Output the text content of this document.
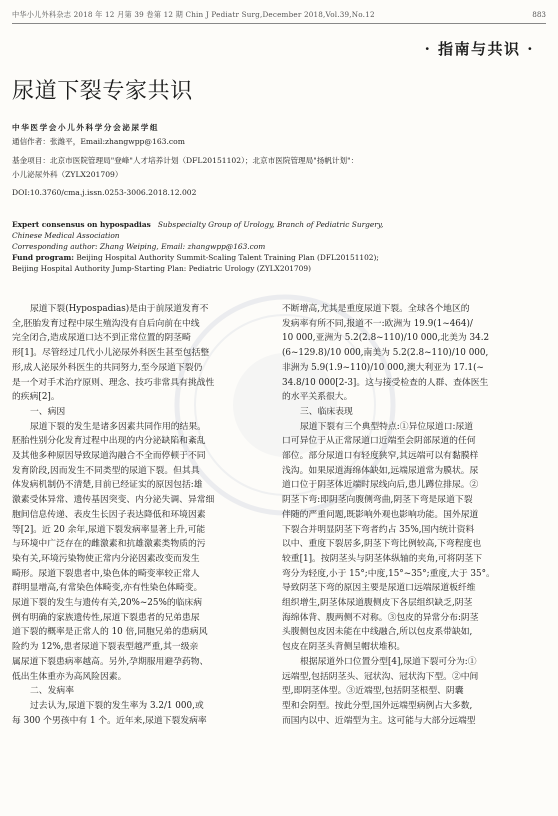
中华小儿外科杂志 2018 年 12 月第 39 卷第 12 期 Chin J Pediatr Surg,December 2018,Vol.39,No.12	883
· 指南与共识 ·
尿道下裂专家共识
中华医学会小儿外科学分会泌尿学组
通信作者：张潍平，Email:zhangwpp@163.com
基金项目：北京市医院管理局"登峰"人才培养计划（DFL20151102）；北京市医院管理局"扬帆计划"：
小儿泌尿外科（ZYLX201709）
DOI:10.3760/cma.j.issn.0253-3006.2018.12.002
Expert consensus on hypospadias Subspecialty Group of Urology, Branch of Pediatric Surgery,
Chinese Medical Association
Corresponding author: Zhang Weiping, Email: zhangwpp@163.com
Fund program: Beijing Hospital Authority Summit-Scaling Talent Training Plan (DFL20151102);
Beijing Hospital Authority Jump-Starting Plan: Pediatric Urology (ZYLX201709)
尿道下裂(Hypospadias)是由于前尿道发育不
全,胚胎发育过程中尿生殖沟没有自后向前在中线
完全闭合,造成尿道口达不到正常位置的阴茎畸
形[1]。尽管经过几代小儿泌尿外科医生甚至包括整
形,成人泌尿外科医生的共同努力,至今尿道下裂仍
是一个对手术治疗原则、理念、技巧非常具有挑战性
的疾病[2]。
一、病因
尿道下裂的发生是诸多因素共同作用的结果。
胚胎性别分化发育过程中出现的内分泌缺陷和紊乱
及其他多种原因导致尿道沟融合不全而停顿于不同
发育阶段,因而发生不同类型的尿道下裂。但其具
体发病机制仍不清楚,目前已经证实的原因包括:雄
激素受体异常、遗传基因突变、内分泌失调、异常细
胞间信息传递、表皮生长因子表达降低和环境因素
等[2]。近 20 余年,尿道下裂发病率显著上升,可能
与环境中广泛存在的雌激素和抗雄激素类物质的污
染有关,环境污染物使正常内分泌因素改变而发生
畸形。尿道下裂患者中,染色体的畸变率较正常人
群明显增高,有常染色体畸变,亦有性染色体畸变。
尿道下裂的发生与遗传有关,20%~25%的临床病
例有明确的家族遗传性,尿道下裂患者的兄弟患尿
道下裂的概率是正常人的 10 倍,同胞兄弟的患病风
险约为 12%,患者尿道下裂表型越严重,其一级亲
属尿道下裂患病率越高。另外,孕期服用避孕药物、
低出生体重亦为高风险因素。
二、发病率
过去认为,尿道下裂的发生率为 3.2/1 000,或
每 300 个男孩中有 1 个。近年来,尿道下裂发病率
不断增高,尤其是重度尿道下裂。全球各个地区的
发病率有所不同,报道不一:欧洲为 19.9(1~464)/
10 000,亚洲为 5.2(2.8~110)/10 000,北美为 34.2
(6~129.8)/10 000,南美为 5.2(2.8~110)/10 000,
非洲为 5.9(1.9~110)/10 000,澳大利亚为 17.1(~
34.8/10 000[2-3]。这与接受检查的人群、查体医生
的水平关系很大。
三、临床表现
尿道下裂有三个典型特点:①异位尿道口:尿道
口可异位于从正常尿道口近端至会阴部尿道的任何
部位。部分尿道口有轻度狭窄,其远端可以有黏膜样
浅沟。如果尿道海绵体缺如,远端尿道常为膜状。尿
道口位于阴茎体近端时尿线向后,患儿蹲位排尿。②
阴茎下弯:即阴茎向腹侧弯曲,阴茎下弯是尿道下裂
伴随的严重问题,既影响外观也影响功能。国外尿道
下裂合并明显阴茎下弯者约占 35%,国内统计资料
以中、重度下裂居多,阴茎下弯比例较高,下弯程度也
较重[1]。按阴茎头与阴茎体纵轴的夹角,可将阴茎下
弯分为轻度,小于 15°;中度,15°~35°;重度,大于 35°。
导致阴茎下弯的原因主要是尿道口远端尿道板纤维
组织增生,阴茎体尿道腹侧皮下各层组织缺乏,阴茎
海绵体背、腹两侧不对称。③包皮的异常分布:阴茎
头腹侧包皮因未能在中线融合,所以包皮系带缺如,
包皮在阴茎头背侧呈帽状堆积。
根据尿道外口位置分型[4],尿道下裂可分为:①
远端型,包括阴茎头、冠状沟、冠状沟下型。②中间
型,即阴茎体型。③近端型,包括阴茎根型、阴囊
型和会阴型。按此分型,国外远端型病例占大多数,
而国内以中、近端型为主。这可能与大部分远端型
